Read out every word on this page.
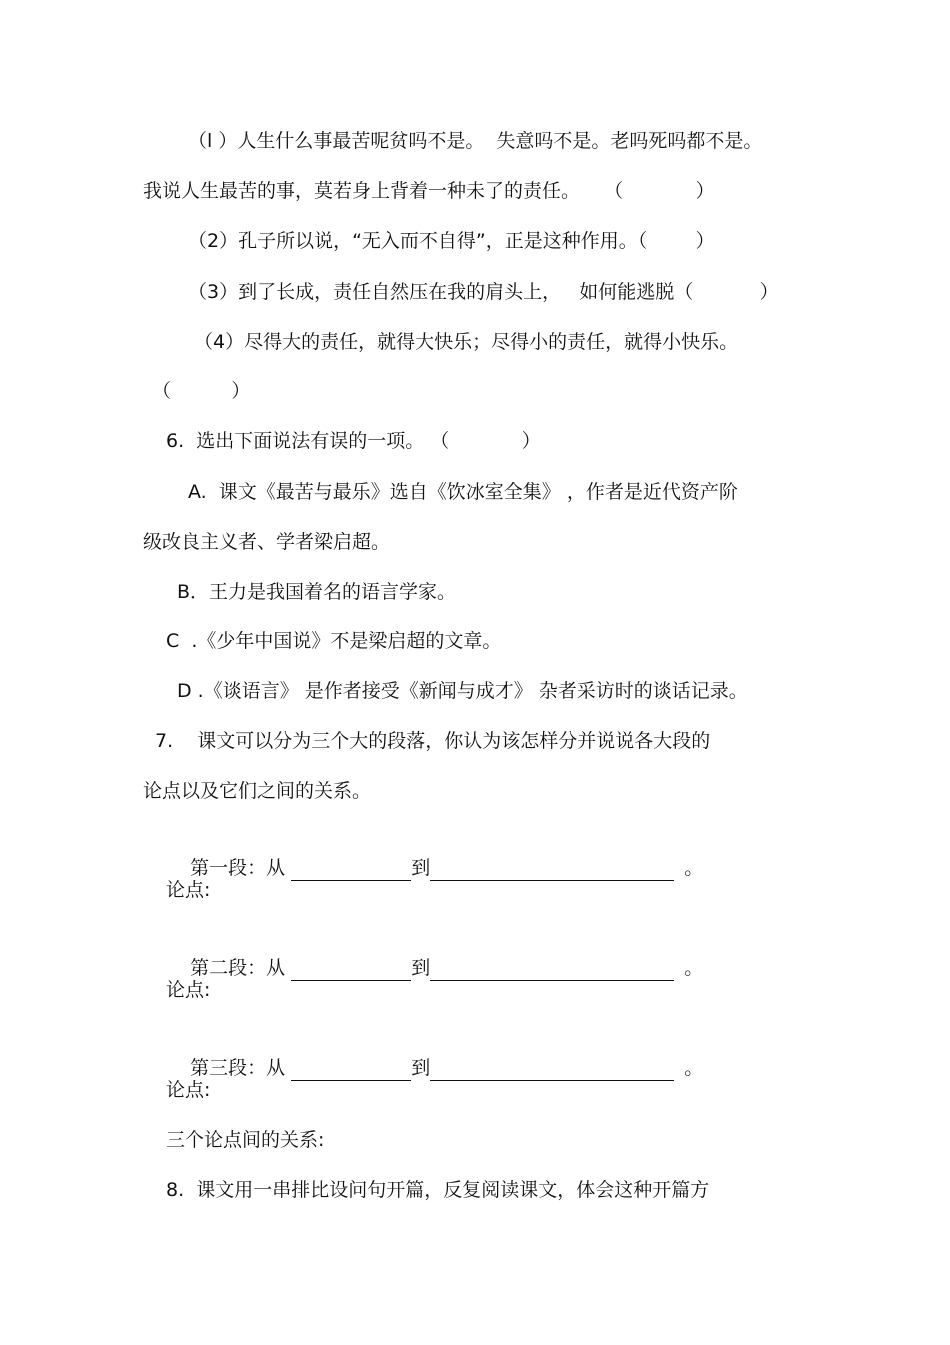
（l ）人生什么事最苦呢贫吗不是。  失意吗不是。老吗死吗都不是。
我说人生最苦的事，莫若身上背着一种未了的责任。    （            ）
（2）孔子所以说，“无入而不自得”，正是这种作用。（        ）
（3）到了长成，责任自然压在我的肩头上，   如何能逃脱（           ）
（4）尽得大的责任，就得大快乐；尽得小的责任，就得小快乐。
（          ）
6.  选出下面说法有误的一项。 （            ）
A.  课文《最苦与最乐》选自《饮冰室全集》 ，作者是近代资产阶
级改良主义者、学者梁启超。
B．王力是我国着名的语言学家。
C  .《少年中国说》不是梁启超的文章。
D .《谈语言》 是作者接受《新闻与成才》 杂者采访时的谈话记录。
7.    课文可以分为三个大的段落，你认为该怎样分并说说各大段的
论点以及它们之间的关系。

第一段：从	到	。

论点:

第二段：从	到	。

论点:

第三段：从	到	。

论点:
三个论点间的关系:
8.  课文用一串排比设问句开篇，反复阅读课文，体会这种开篇方
